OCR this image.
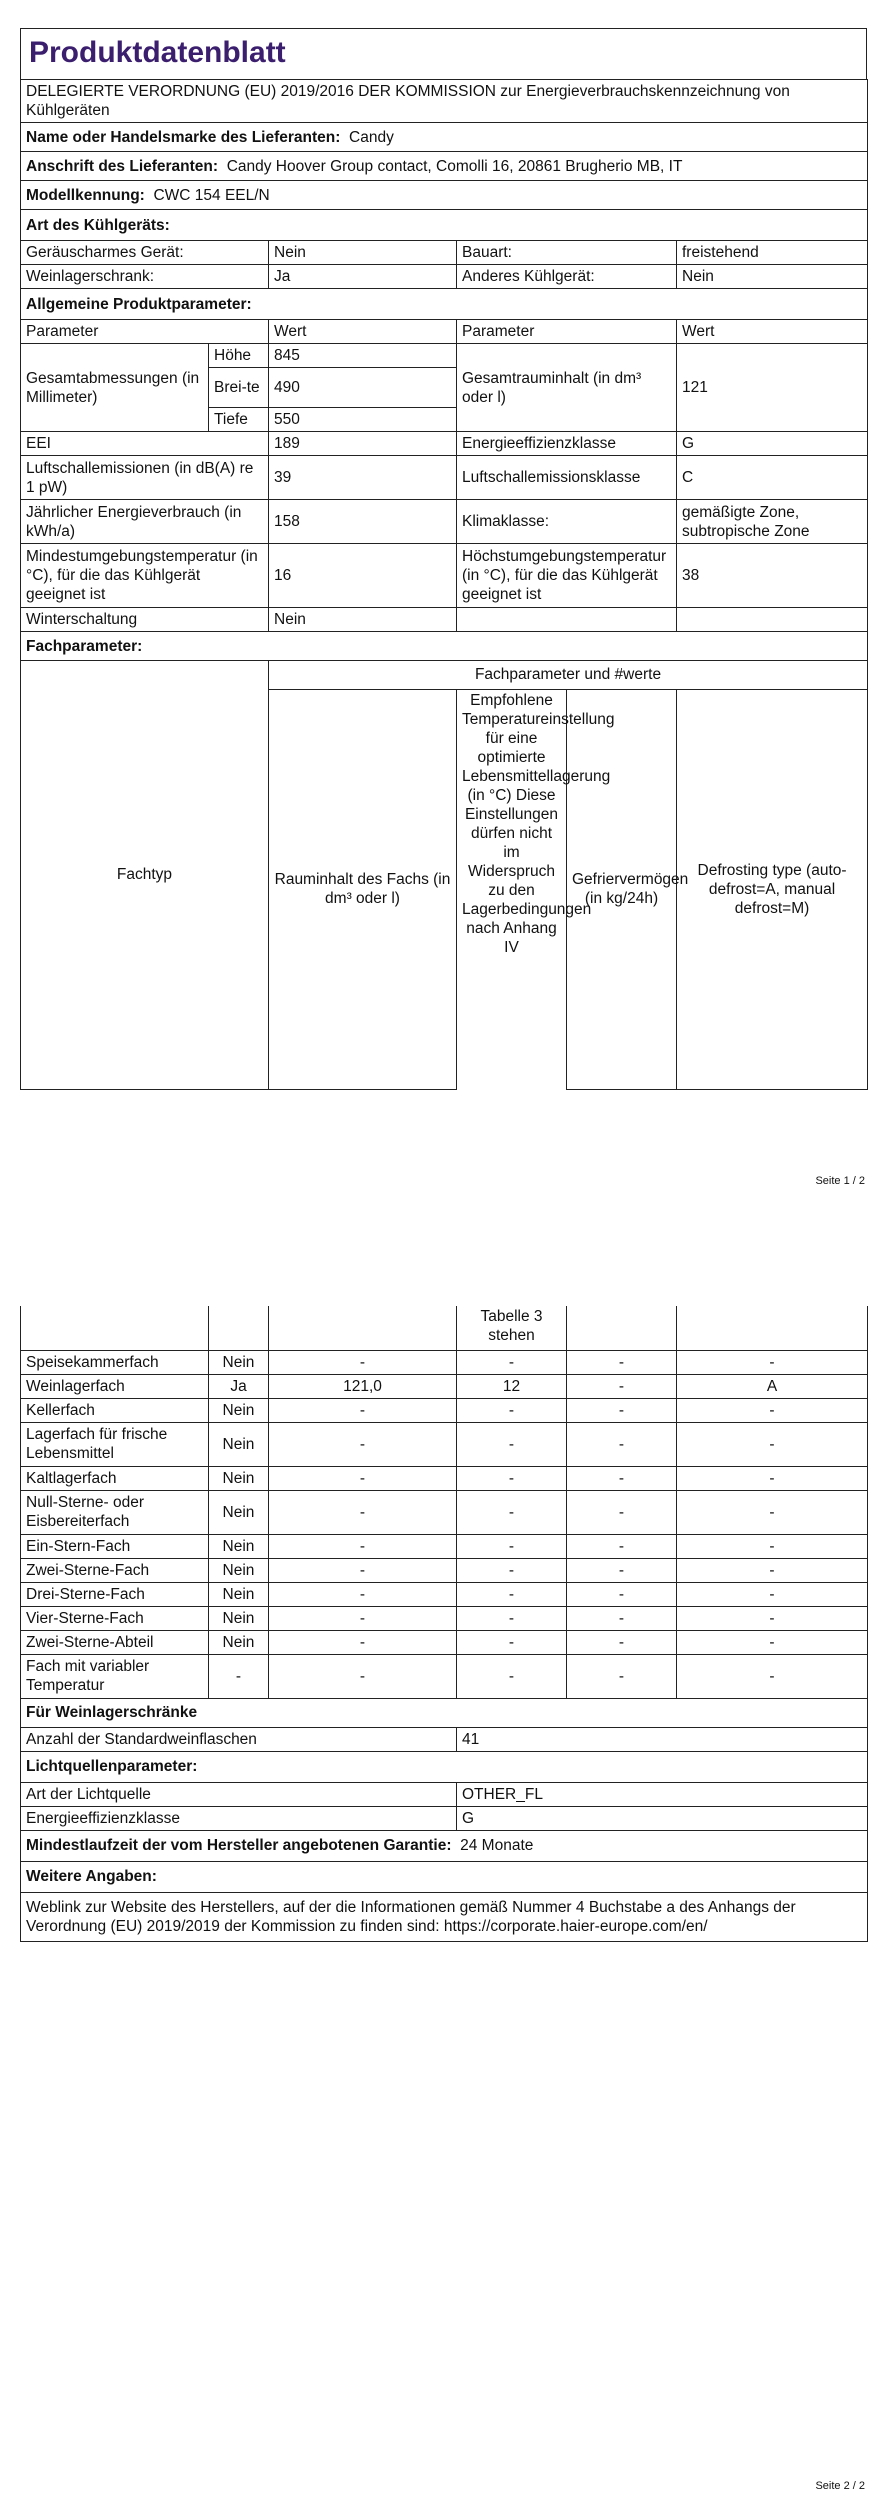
Produktdatenblatt
DELEGIERTE VERORDNUNG (EU) 2019/2016 DER KOMMISSION zur Energieverbrauchskennzeichnung von Kühlgeräten				
Name oder Handelsmarke des Lieferanten: Candy				
Anschrift des Lieferanten: Candy Hoover Group contact, Comolli 16, 20861 Brugherio MB, IT				
Modellkennung: CWC 154 EEL/N				
Art des Kühlgeräts:				
Geräuscharmes Gerät:		Nein	Bauart:	freistehend
Weinlagerschrank:		Ja	Anderes Kühlgerät:	Nein
Allgemeine Produktparameter:				
Parameter		Wert	Parameter	Wert
Gesamtabmessungen (in Millimeter)	Höhe	845	Gesamtrauminhalt (in dm³ oder l)	121
	Brei-te	490		
	Tiefe	550		
EEI		189	Energieeffizienzklasse	G
Luftschallemissionen (in dB(A) re 1 pW)		39	Luftschallemissionsklasse	C
Jährlicher Energieverbrauch (in kWh/a)		158	Klimaklasse:	gemäßigte Zone, subtropische Zone
Mindestumgebungstemperatur (in °C), für die das Kühlgerät geeignet ist		16	Höchstumgebungstemperatur (in °C), für die das Kühlgerät geeignet ist	38
Winterschaltung		Nein		
Fachparameter:				
Fachtyp	Fachparameter und #werte			
	Rauminhalt des Fachs (in dm³ oder l)	Empfohlene Temperatureinstellung für eine optimierte Lebensmittellagerung (in °C) Diese Einstellungen dürfen nicht im Widerspruch zu den Lagerbedingungen nach Anhang IV	Gefriervermögen (in kg/24h)	Defrosting type (auto-defrost=A, manual defrost=M)
Seite 1 / 2
			Tabelle 3 stehen		
Speisekammerfach	Nein	-	-	-	-
Weinlagerfach	Ja	121,0	12	-	A
Kellerfach	Nein	-	-	-	-
Lagerfach für frische Lebensmittel	Nein	-	-	-	-
Kaltlagerfach	Nein	-	-	-	-
Null-Sterne- oder Eisbereiterfach	Nein	-	-	-	-
Ein-Stern-Fach	Nein	-	-	-	-
Zwei-Sterne-Fach	Nein	-	-	-	-
Drei-Sterne-Fach	Nein	-	-	-	-
Vier-Sterne-Fach	Nein	-	-	-	-
Zwei-Sterne-Abteil	Nein	-	-	-	-
Fach mit variabler Temperatur	-	-	-	-	-
Für Weinlagerschränke					
Anzahl der Standardweinflaschen			41		
Lichtquellenparameter:					
Art der Lichtquelle			OTHER_FL		
Energieeffizienzklasse			G		
Mindestlaufzeit der vom Hersteller angebotenen Garantie: 24 Monate					
Weitere Angaben:					
Weblink zur Website des Herstellers, auf der die Informationen gemäß Nummer 4 Buchstabe a des Anhangs der Verordnung (EU) 2019/2019 der Kommission zu finden sind: https://corporate.haier-europe.com/en/					
Seite 2 / 2
